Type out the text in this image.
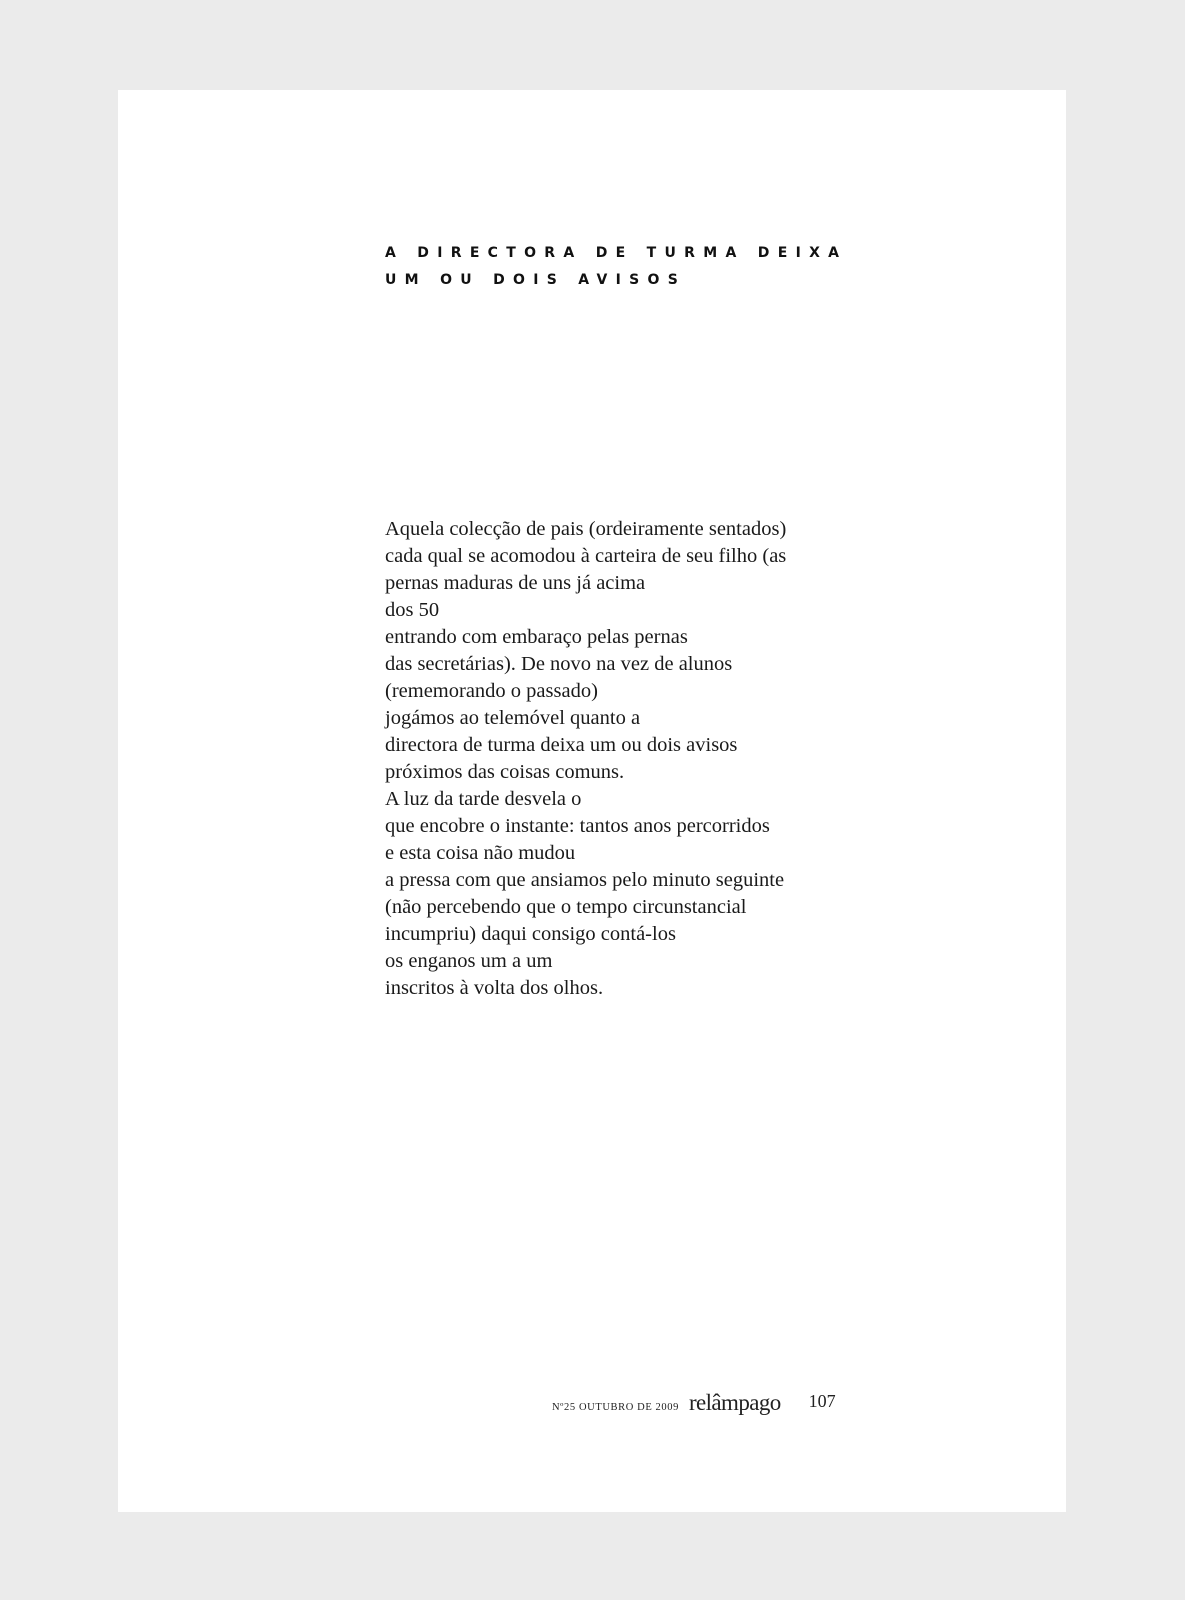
A DIRECTORA DE TURMA DEIXA
UM OU DOIS AVISOS
Aquela colecção de pais (ordeiramente sentados)
cada qual se acomodou à carteira de seu filho (as
pernas maduras de uns já acima
dos 50
entrando com embaraço pelas pernas
das secretárias). De novo na vez de alunos
(rememorando o passado)
jogámos ao telemóvel quanto a
directora de turma deixa um ou dois avisos
próximos das coisas comuns.
A luz da tarde desvela o
que encobre o instante: tantos anos percorridos
e esta coisa não mudou
a pressa com que ansiamos pelo minuto seguinte
(não percebendo que o tempo circunstancial
incumpriu) daqui consigo contá-los
os enganos um a um
inscritos à volta dos olhos.
Nº25 OUTUBRO DE 2009 relâmpago 107
